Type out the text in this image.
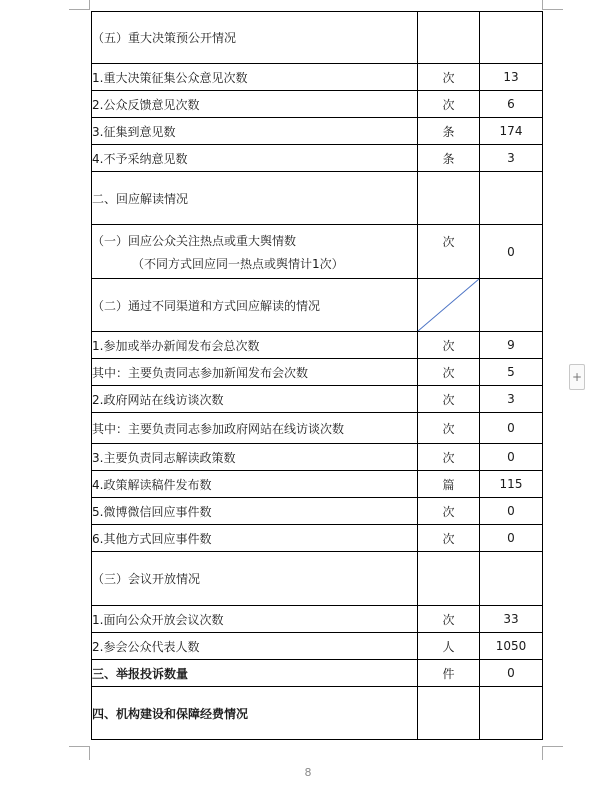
（五）重大决策预公开情况		
1.重大决策征集公众意见次数	次	13
2.公众反馈意见次数	次	6
3.征集到意见数	条	174
4.不予采纳意见数	条	3
二、回应解读情况		
（一）回应公众关注热点或重大舆情数
（不同方式回应同一热点或舆情计1次）	次	0
（二）通过不同渠道和方式回应解读的情况	

1.参加或举办新闻发布会总次数	次	9
其中：主要负责同志参加新闻发布会次数	次	5
2.政府网站在线访谈次数	次	3
其中：主要负责同志参加政府网站在线访谈次数	次	0
3.主要负责同志解读政策数	次	0
4.政策解读稿件发布数	篇	115
5.微博微信回应事件数	次	0
6.其他方式回应事件数	次	0
（三）会议开放情况		
1.面向公众开放会议次数	次	33
2.参会公众代表人数	人	1050
三、举报投诉数量	件	0
四、机构建设和保障经费情况		
+
8
